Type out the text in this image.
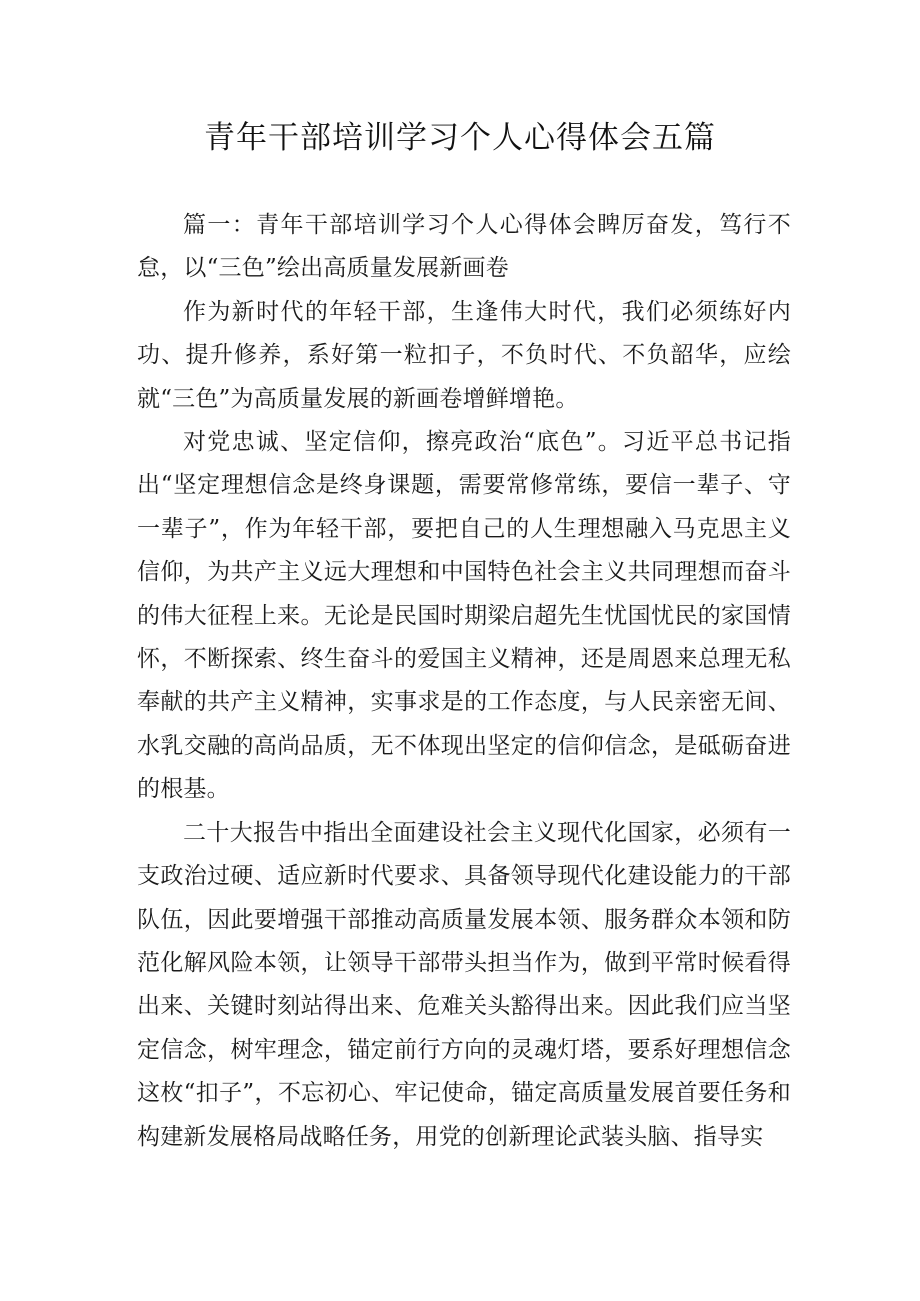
青年干部培训学习个人心得体会五篇

篇一：青年干部培训学习个人心得体会睥厉奋发，笃行不怠，以“三色”绘出高质量发展新画卷

作为新时代的年轻干部，生逢伟大时代，我们必须练好内功、提升修养，系好第一粒扣子，不负时代、不负韶华，应绘就“三色”为高质量发展的新画卷增鲜增艳。

对党忠诚、坚定信仰，擦亮政治“底色”。习近平总书记指出“坚定理想信念是终身课题，需要常修常练，要信一辈子、守一辈子”，作为年轻干部，要把自己的人生理想融入马克思主义信仰，为共产主义远大理想和中国特色社会主义共同理想而奋斗的伟大征程上来。无论是民国时期梁启超先生忧国忧民的家国情怀，不断探索、终生奋斗的爱国主义精神，还是周恩来总理无私奉献的共产主义精神，实事求是的工作态度，与人民亲密无间、水乳交融的高尚品质，无不体现出坚定的信仰信念，是砥砺奋进的根基。

二十大报告中指出全面建设社会主义现代化国家，必须有一支政治过硬、适应新时代要求、具备领导现代化建设能力的干部队伍，因此要增强干部推动高质量发展本领、服务群众本领和防范化解风险本领，让领导干部带头担当作为，做到平常时候看得出来、关键时刻站得出来、危难关头豁得出来。因此我们应当坚定信念，树牢理念，锚定前行方向的灵魂灯塔，要系好理想信念这枚“扣子”，不忘初心、牢记使命，锚定高质量发展首要任务和构建新发展格局战略任务，用党的创新理论武装头脑、指导实
